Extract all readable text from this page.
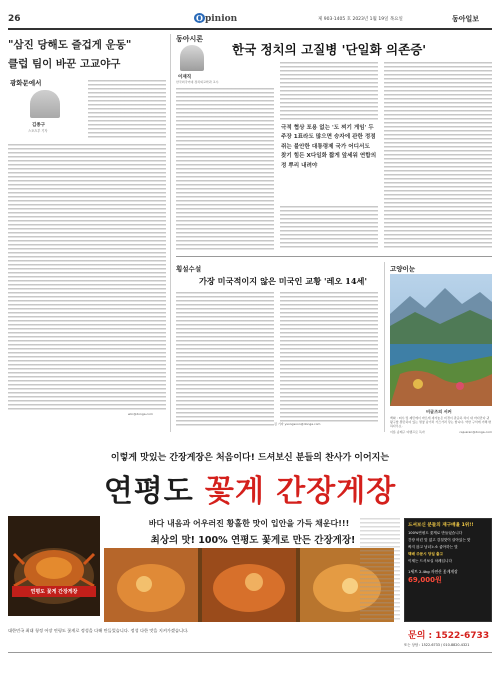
26	O pinion	제 903·1405 호 2023년 1월 19일 목요일	동아일보
"삼진 당해도 즐겁게 운동"
클럽 팀이 바꾼 고교야구
광화문에서
김종구
스포츠부 기자
win@donga.com
동아시론
이재직
한국외국어대 정치외교학과 교수
한국 정치의 고질병 '단일화 의존증'
극적 협상 포용 없는 '도 찌기 게임' 두 주장 1표라도 많으면 승자에 관한 정점 쥐는 불안한 대통령제 국가 어디서도 찾기 힘든 X다일화 짧게 앞세워 연합의 정 뿌리 내려야
횡설수설
가장 미국적이지 않은 미국인 교황 '레오 14세'
김 기자 ysongsoon@donga.com
고양이눈
비글즈의 서커
백화 : 떠수 및 제민에이 바르게 새겨놓은 비경이 관공하 처이 대 마다만다 귀 왕구할 뿐만하여 있는 명창 남기러 가즈가러 당는 합니다, 약한 구석에 거해 변하다우요.
이름 송태구 여행프로 독자	cajuaran@donga.com
이렇게 맛있는 간장게장은 처음이다! 드셔보신 분들의 찬사가 이어지는
연평도 꽃게 간장게장
바다 내음과 어우러진 황홀한 맛이 입안을 가득 채운다!!!
최상의 맛! 100% 연평도 꽃게로 만든 간장게장!
연평도 꽃게 간장게장
드셔보신 분들의 재구매율 1위!!
100%연평도 꽃게로 만들었습니다
간장 비린 맛 없고 감칠맛이 살아있는 맛
짜지 않고 남녀노소 좋아하는 맛
택배 주문시 당일 출고
이제는 드셔보실 차례입니다
1세트 2.4kg 자연산 꽃게게장
69,000원
대한민국 최대 청정 어장 연평도 꽃게로 정성을 다해 만들었습니다. 정성 다한 맛을 지켜가겠습니다.
문의 : 1522-6733
또는 상담 : 1522-6733 / 010-8820-4321
